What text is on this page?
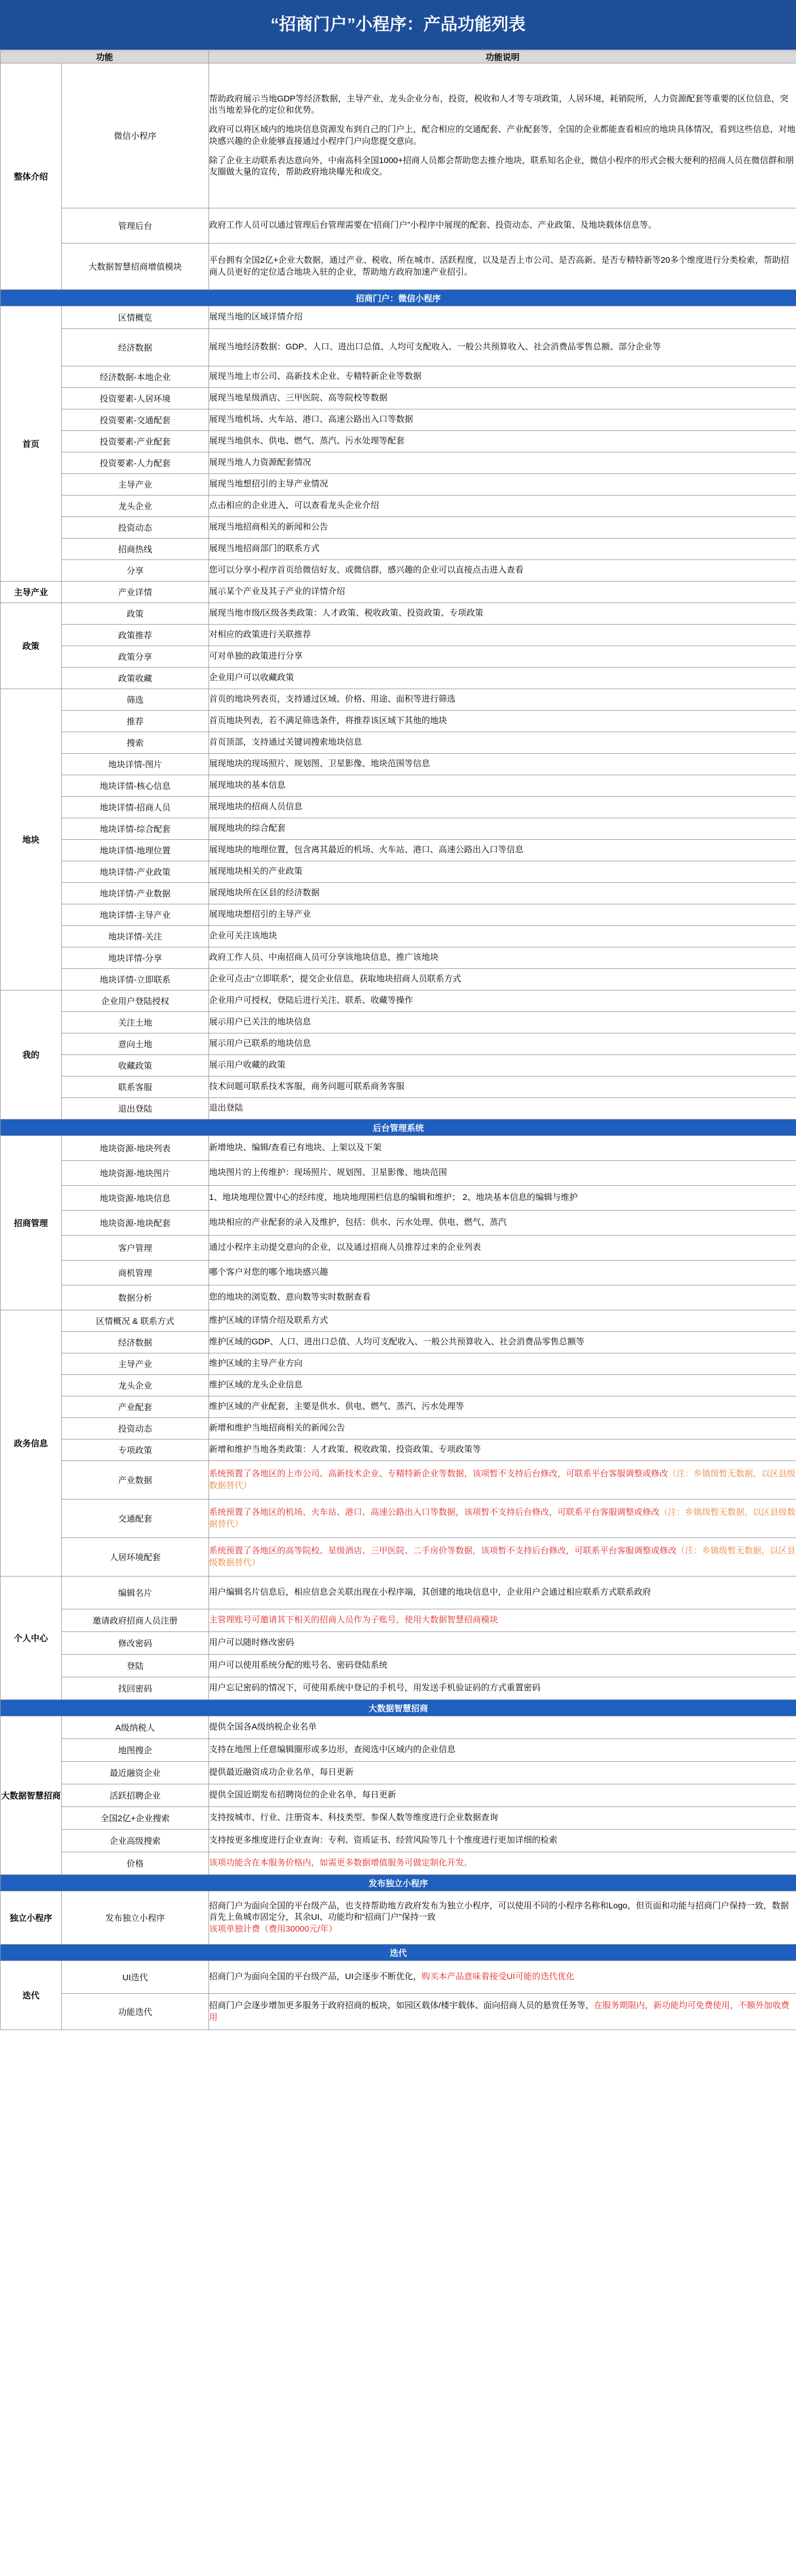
“招商门户”小程序：产品功能列表
功能		功能说明
整体介绍	微信小程序	帮助政府展示当地GDP等经济数据，主导产业，龙头企业分布，投资，税收和人才等专项政策，人居环境，耗销院所，人力资源配套等重要的区位信息，突出当地差异化的定位和优势。
政府可以将区域内的地块信息资源发布到自己的门户上，配合相应的交通配套、产业配套等，全国的企业都能查看相应的地块具体情况，看到这些信息，对地块感兴趣的企业能够直接通过小程序门户向您提交意向。
除了企业主动联系表达意向外，中南高科全国1000+招商人员都会帮助您去推介地块，联系知名企业，微信小程序的形式会极大便利的招商人员在微信群和朋友圈做大量的宣传，帮助政府地块曝光和成交。

	管理后台	政府工作人员可以通过管理后台管理需要在“招商门户”小程序中展现的配套、投资动态、产业政策、及地块载体信息等。

	大数据智慧招商增值模块	平台拥有全国2亿+企业大数据，通过产业、税收、所在城市、活跃程度，以及是否上市公司、是否高新、是否专精特新等20多个维度进行分类检索，帮助招商人员更好的定位适合地块入驻的企业，帮助地方政府加速产业招引。

招商门户：微信小程序		
首页	区情概览	展现当地的区域详情介绍
	经济数据	展现当地经济数据：GDP、人口、进出口总值、人均可支配收入、一般公共预算收入、社会消费品零售总额、部分企业等
	经济数据-本地企业	展现当地上市公司、高新技术企业、专精特新企业等数据
	投资要素-人居环境	展现当地星级酒店、三甲医院、高等院校等数据
	投资要素-交通配套	展现当地机场、火车站、港口、高速公路出入口等数据
	投资要素-产业配套	展现当地供水、供电、燃气、蒸汽、污水处理等配套
	投资要素-人力配套	展现当地人力资源配套情况
	主导产业	展现当地想招引的主导产业情况
	龙头企业	点击相应的企业进入，可以查看龙头企业介绍
	投资动态	展现当地招商相关的新闻和公告
	招商热线	展现当地招商部门的联系方式
	分享	您可以分享小程序首页给微信好友、或微信群，感兴趣的企业可以直接点击进入查看
主导产业	产业详情	展示某个产业及其子产业的详情介绍
政策	政策	展现当地市级/区级各类政策：人才政策、税收政策、投资政策、专项政策
	政策推荐	对相应的政策进行关联推荐
	政策分享	可对单独的政策进行分享
	政策收藏	企业用户可以收藏政策
地块	筛选	首页的地块列表页，支持通过区域、价格、用途、面积等进行筛选
	推荐	首页地块列表，若不满足筛选条件，将推荐该区域下其他的地块
	搜索	首页顶部，支持通过关键词搜索地块信息
	地块详情-图片	展现地块的现场照片、规划图、卫星影像、地块范围等信息
	地块详情-核心信息	展现地块的基本信息
	地块详情-招商人员	展现地块的招商人员信息
	地块详情-综合配套	展现地块的综合配套
	地块详情-地理位置	展现地块的地理位置，包含离其最近的机场、火车站、港口、高速公路出入口等信息
	地块详情-产业政策	展现地块相关的产业政策
	地块详情-产业数据	展现地块所在区县的经济数据
	地块详情-主导产业	展现地块想招引的主导产业
	地块详情-关注	企业可关注该地块
	地块详情-分享	政府工作人员、中南招商人员可分享该地块信息，推广该地块
	地块详情-立即联系	企业可点击“立即联系”，提交企业信息，获取地块招商人员联系方式
我的	企业用户登陆授权	企业用户可授权，登陆后进行关注、联系、收藏等操作
	关注土地	展示用户已关注的地块信息
	意向土地	展示用户已联系的地块信息
	收藏政策	展示用户收藏的政策
	联系客服	技术问题可联系技术客服，商务问题可联系商务客服
	退出登陆	退出登陆
后台管理系统		
招商管理	地块资源-地块列表	新增地块、编辑/查看已有地块、上架以及下架
	地块资源-地块图片	地块图片的上传维护：现场照片、规划图、卫星影像、地块范围
	地块资源-地块信息	1、地块地理位置中心的经纬度，地块地理围栏信息的编辑和维护； 2、地块基本信息的编辑与维护
	地块资源-地块配套	地块相应的产业配套的录入及维护，包括：供水、污水处理、供电、燃气、蒸汽
	客户管理	通过小程序主动提交意向的企业，以及通过招商人员推荐过来的企业列表
	商机管理	哪个客户对您的哪个地块感兴趣
	数据分析	您的地块的浏览数、意向数等实时数据查看
政务信息	区情概况 & 联系方式	维护区域的详情介绍及联系方式
	经济数据	维护区域的GDP、人口、进出口总值、人均可支配收入、一般公共预算收入、社会消费品零售总额等
	主导产业	维护区域的主导产业方向
	龙头企业	维护区域的龙头企业信息
	产业配套	维护区域的产业配套，主要是供水、供电、燃气、蒸汽、污水处理等
	投资动态	新增和维护当地招商相关的新闻公告
	专项政策	新增和维护当地各类政策：人才政策、税收政策、投资政策、专项政策等
	产业数据	系统预置了各地区的上市公司、高新技术企业、专精特新企业等数据，该项暂不支持后台修改，可联系平台客服调整或修改（注：乡镇级暂无数据，以区县级数据替代）
	交通配套	系统预置了各地区的机场、火车站、港口、高速公路出入口等数据，该项暂不支持后台修改，可联系平台客服调整或修改（注：乡镇级暂无数据，以区县级数据替代）
	人居环境配套	系统预置了各地区的高等院校、星级酒店、三甲医院、二手房价等数据，该项暂不支持后台修改，可联系平台客服调整或修改（注：乡镇级暂无数据，以区县级数据替代）
个人中心	编辑名片	用户编辑名片信息后，相应信息会关联出现在小程序端，其创建的地块信息中，企业用户会通过相应联系方式联系政府
	邀请政府招商人员注册	主管理账号可邀请其下相关的招商人员作为子账号，使用大数据智慧招商模块
	修改密码	用户可以随时修改密码
	登陆	用户可以使用系统分配的账号名、密码登陆系统
	找回密码	用户忘记密码的情况下，可使用系统中登记的手机号，用发送手机验证码的方式重置密码
大数据智慧招商		
大数据智慧招商	A级纳税人	提供全国各A级纳税企业名单
	地图搜企	支持在地图上任意编辑圈形或多边形，查阅选中区域内的企业信息
	最近融资企业	提供最近融资成功企业名单，每日更新
	活跃招聘企业	提供全国近期发布招聘岗位的企业名单，每日更新
	全国2亿+企业搜索	支持按城市、行业、注册资本、科技类型、参保人数等维度进行企业数据查询
	企业高级搜索	支持按更多维度进行企业查询：专利、资质证书、经营风险等几十个维度进行更加详细的检索
	价格	该项功能含在本服务价格内，如需更多数据增值服务可做定制化开发。
发布独立小程序		
独立小程序	发布独立小程序	招商门户为面向全国的平台级产品，也支持帮助地方政府发布为独立小程序，可以使用不同的小程序名称和Logo，但页面和功能与招商门户保持一致，数据首先上鱼城市固定分，其余UI、功能均和“招商门户”保持一致
该项单独计费（费用30000元/年）
迭代		
迭代	UI迭代	招商门户为面向全国的平台级产品，UI会逐步不断优化，购买本产品意味着接受UI可能的迭代优化
	功能迭代	招商门户会逐步增加更多服务于政府招商的板块，如园区载体/楼宇载体、面向招商人员的悬赏任务等，在服务期限内，新功能均可免费使用，不额外加收费用
